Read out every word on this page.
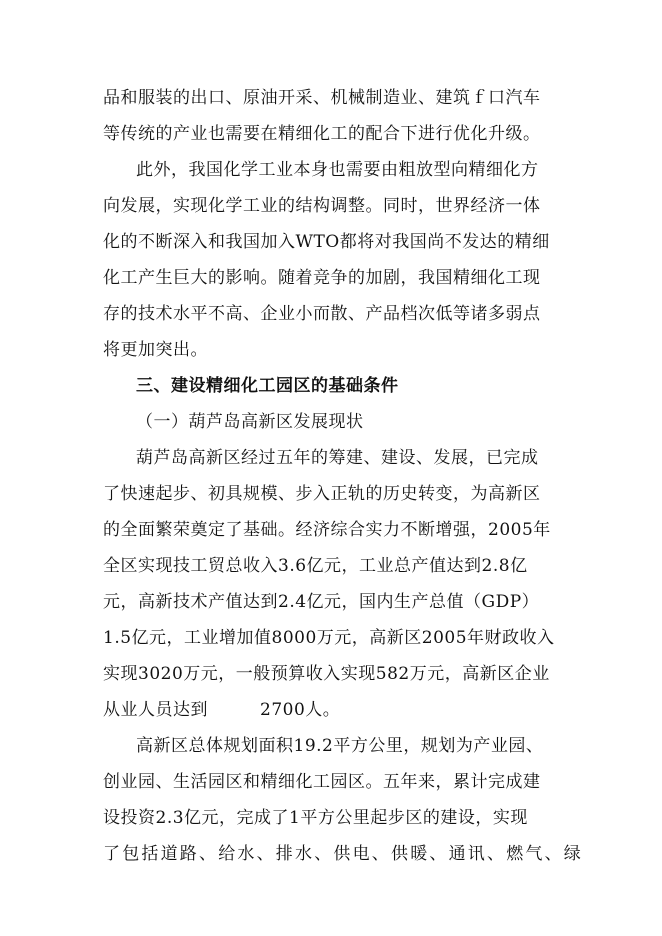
品和服装的出口、原油开采、机械制造业、建筑ｆ口汽车
等传统的产业也需要在精细化工的配合下进行优化升级。
此外，我国化学工业本身也需要由粗放型向精细化方
向发展，实现化学工业的结构调整。同时，世界经济一体
化的不断深入和我国加入WTO都将对我国尚不发达的精细
化工产生巨大的影响。随着竞争的加剧，我国精细化工现
存的技术水平不高、企业小而散、产品档次低等诸多弱点
将更加突出。
三、建设精细化工园区的基础条件
（一）葫芦岛高新区发展现状
葫芦岛高新区经过五年的筹建、建设、发展，已完成
了快速起步、初具规模、步入正轨的历史转变，为高新区
的全面繁荣奠定了基础。经济综合实力不断增强，2005年
全区实现技工贸总收入3.6亿元，工业总产值达到2.8亿
元，高新技术产值达到2.4亿元，国内生产总值（GDP）
1.5亿元，工业增加值8000万元，高新区2005年财政收入
实现3020万元，一般预算收入实现582万元，高新区企业
从业人员达到	2700人。
高新区总体规划面积19.2平方公里，规划为产业园、
创业园、生活园区和精细化工园区。五年来，累计完成建
设投资2.3亿元，完成了1平方公里起步区的建设，实现
了包括道路、给水、排水、供电、供暖、通讯、燃气、绿
